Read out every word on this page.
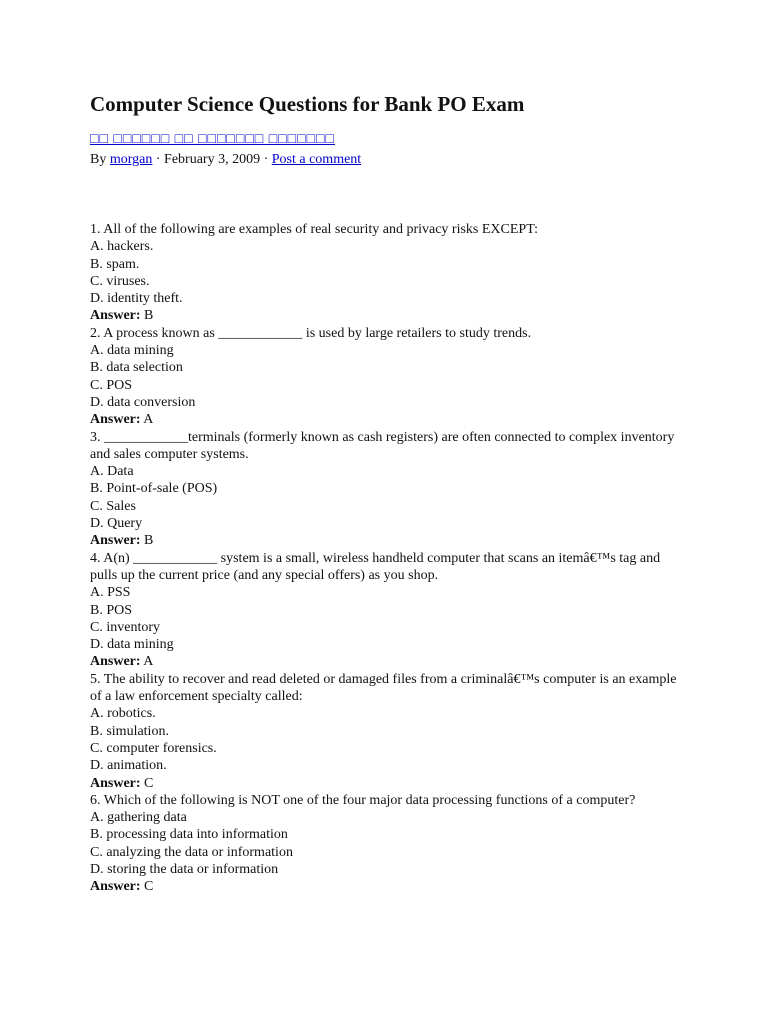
Computer Science Questions for Bank PO Exam
□□ □□□□□□ □□ □□□□□□□ □□□□□□□
By morgan · February 3, 2009 · Post a comment

1. All of the following are examples of real security and privacy risks EXCEPT:

A. hackers.

B. spam.

C. viruses.

D. identity theft.

Answer: B

2. A process known as ____________ is used by large retailers to study trends.

A. data mining

B. data selection

C. POS

D. data conversion

Answer: A

3. ____________terminals (formerly known as cash registers) are often connected to complex inventory and sales computer systems.

A. Data

B. Point-of-sale (POS)

C. Sales

D. Query

Answer: B

4. A(n) ____________ system is a small, wireless handheld computer that scans an itemâ€™s tag and pulls up the current price (and any special offers) as you shop.

A. PSS

B. POS

C. inventory

D. data mining

Answer: A

5. The ability to recover and read deleted or damaged files from a criminalâ€™s computer is an example of a law enforcement specialty called:

A. robotics.

B. simulation.

C. computer forensics.

D. animation.

Answer: C

6. Which of the following is NOT one of the four major data processing functions of a computer?

A. gathering data

B. processing data into information

C. analyzing the data or information

D. storing the data or information

Answer: C
